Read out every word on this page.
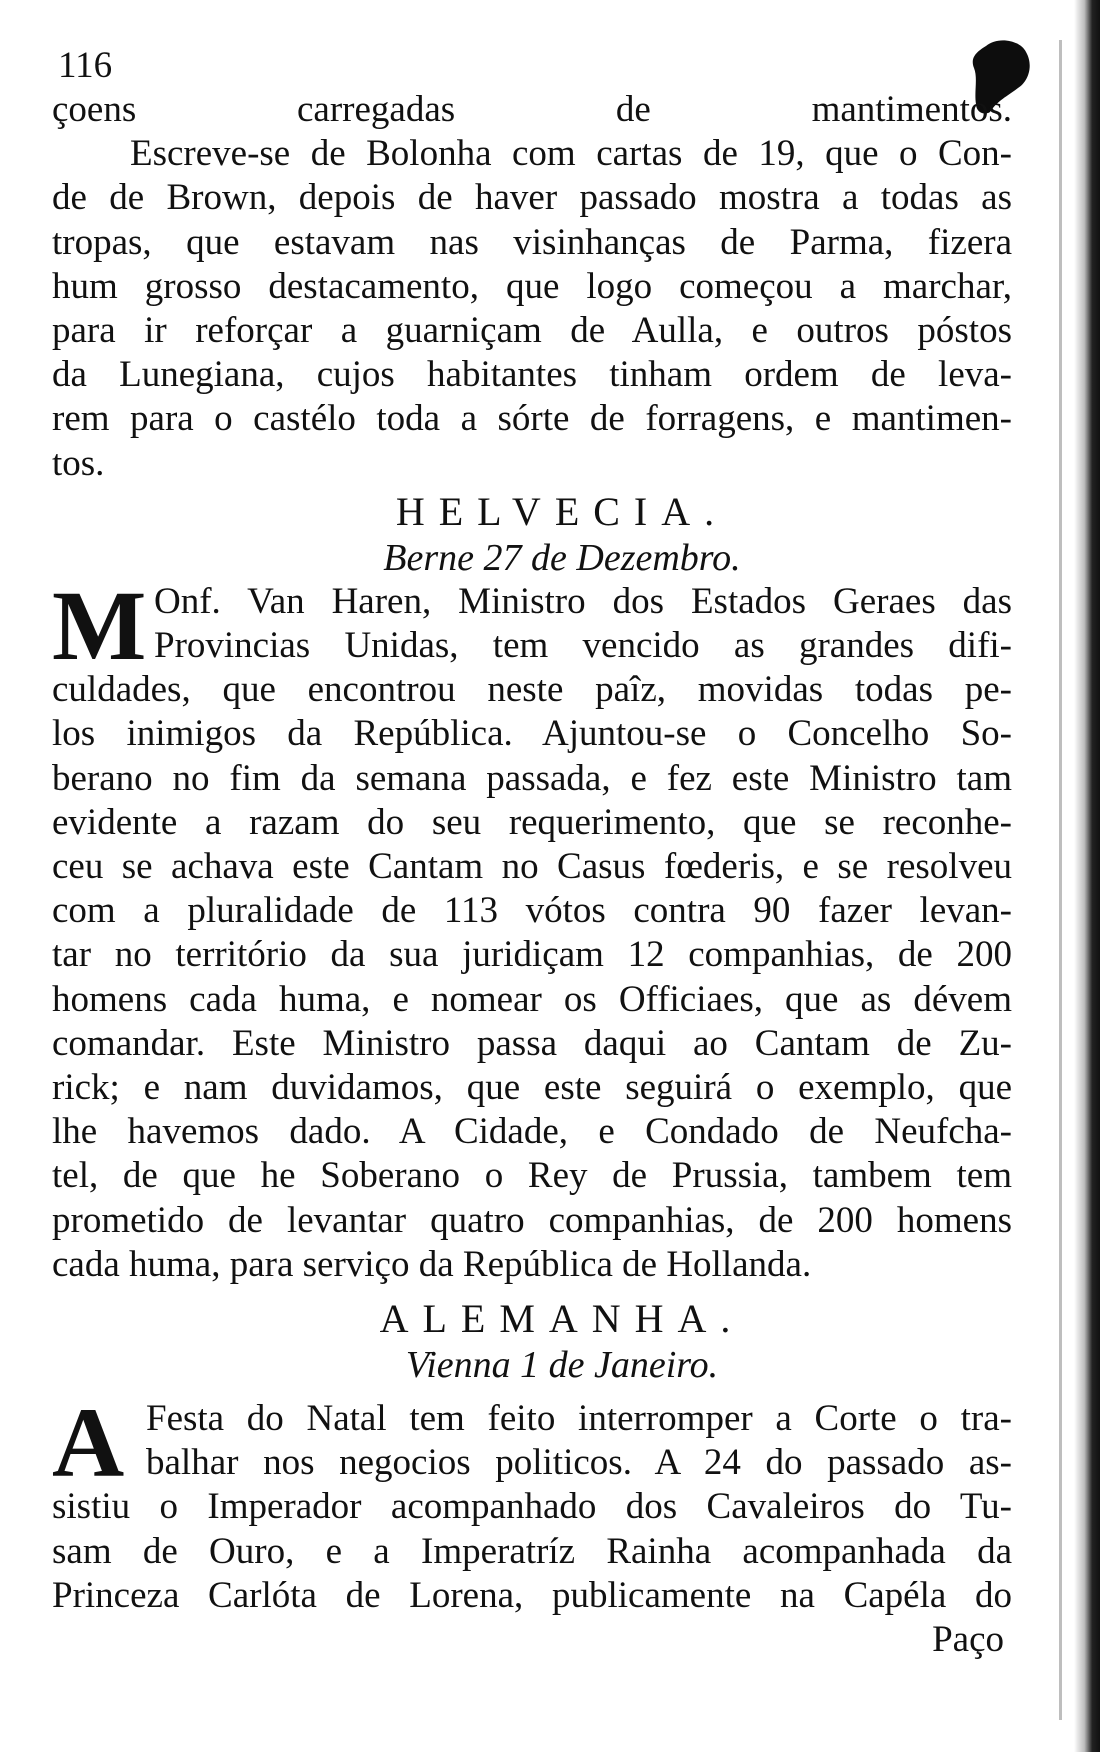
116
çoens carregadas de mantimentos.
Escreve-se de Bolonha com cartas de 19, que o Con-
de de Brown, depois de haver passado mostra a todas as
tropas, que estavam nas visinhanças de Parma, fizera
hum grosso destacamento, que logo começou a marchar,
para ir reforçar a guarniçam de Aulla, e outros póstos
da Lunegiana, cujos habitantes tinham ordem de leva-
rem para o castélo toda a sórte de forragens, e mantimen-
tos.
HELVECIA.
Berne 27 de Dezembro.
M Onf. Van Haren, Ministro dos Estados Geraes das
Provincias Unidas, tem vencido as grandes difi-
culdades, que encontrou neste paîz, movidas todas pe-
los inimigos da República. Ajuntou-se o Concelho So-
berano no fim da semana passada, e fez este Ministro tam
evidente a razam do seu requerimento, que se reconhe-
ceu se achava este Cantam no Casus fœderis, e se resolveu
com a pluralidade de 113 vótos contra 90 fazer levan-
tar no território da sua juridiçam 12 companhias, de 200
homens cada huma, e nomear os Officiaes, que as dévem
comandar. Este Ministro passa daqui ao Cantam de Zu-
rick; e nam duvidamos, que este seguirá o exemplo, que
lhe havemos dado. A Cidade, e Condado de Neufcha-
tel, de que he Soberano o Rey de Prussia, tambem tem
prometido de levantar quatro companhias, de 200 homens
cada huma, para serviço da República de Hollanda.
ALEMANHA.
Vienna 1 de Janeiro.
A Festa do Natal tem feito interromper a Corte o tra-
balhar nos negocios politicos. A 24 do passado as-
sistiu o Imperador acompanhado dos Cavaleiros do Tu-
sam de Ouro, e a Imperatríz Rainha acompanhada da
Princeza Carlóta de Lorena, publicamente na Capéla do
Paço
